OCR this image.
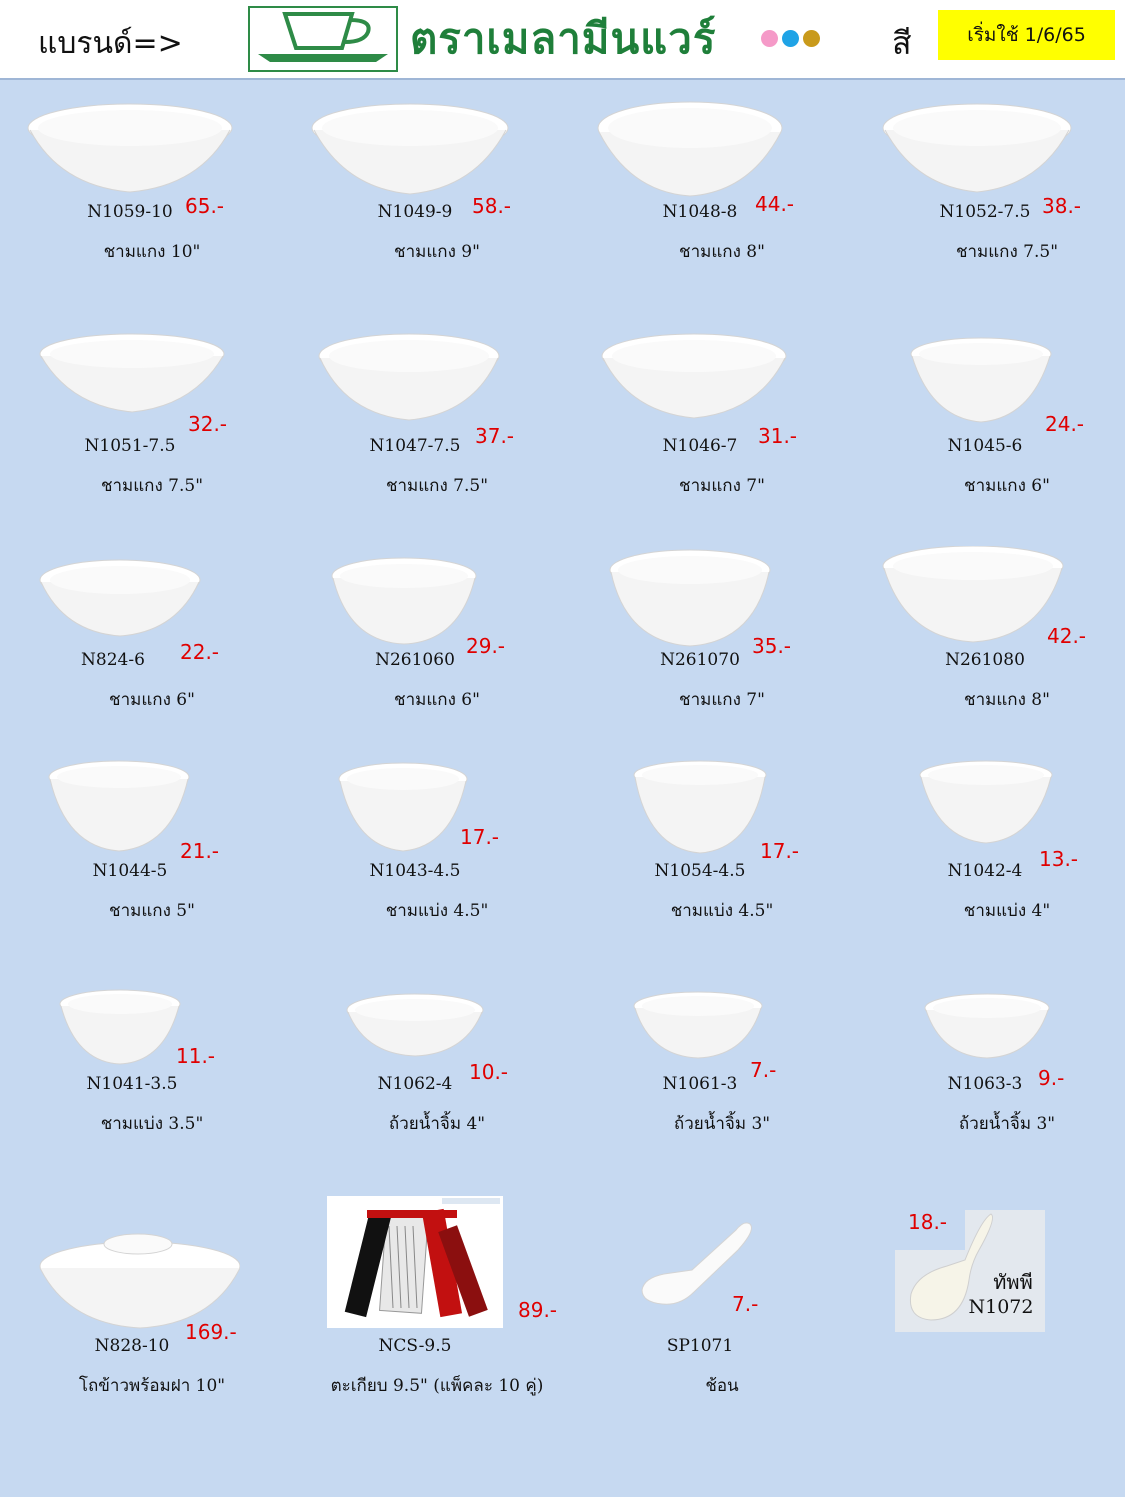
แบรนด์=>	ตราเมลามีนแวร์	สี	เริ่มใช้ 1/6/65
N1059-10 65.-
ชามแกง 10"
N1049-9 58.-
ชามแกง 9"
N1048-8 44.-
ชามแกง 8"
N1052-7.5 38.-
ชามแกง 7.5"
N1051-7.5
32.-
ชามแกง 7.5"
N1047-7.5 37.-
ชามแกง 7.5"
N1046-7	31.-
ชามแกง 7"
N1045-6
24.-
ชามแกง 6"
N824-6	22.-
ชามแกง 6"
N261060
29.-
ชามแกง 6"
N261070
35.-
ชามแกง 7"
N261080
42.-
ชามแกง 8"
N1044-5
21.-
ชามแกง 5"
N1043-4.5
17.-
ชามแบ่ง 4.5"
N1054-4.5
17.-
ชามแบ่ง 4.5"
N1042-4 13.-
ชามแบ่ง 4"
N1041-3.5
11.-
ชามแบ่ง 3.5"
N1062-4 10.-
ถ้วยน้ำจิ้ม 4"
N1061-3
7.-
ถ้วยน้ำจิ้ม 3"
N1063-3 9.-
ถ้วยน้ำจิ้ม 3"
N828-10
169.-
โถข้าวพร้อมฝา 10"
NCS-9.5
89.-
ตะเกียบ 9.5" (แพ็คละ 10 คู่)
SP1071
7.-
ช้อน
18.-
ทัพพี
N1072
